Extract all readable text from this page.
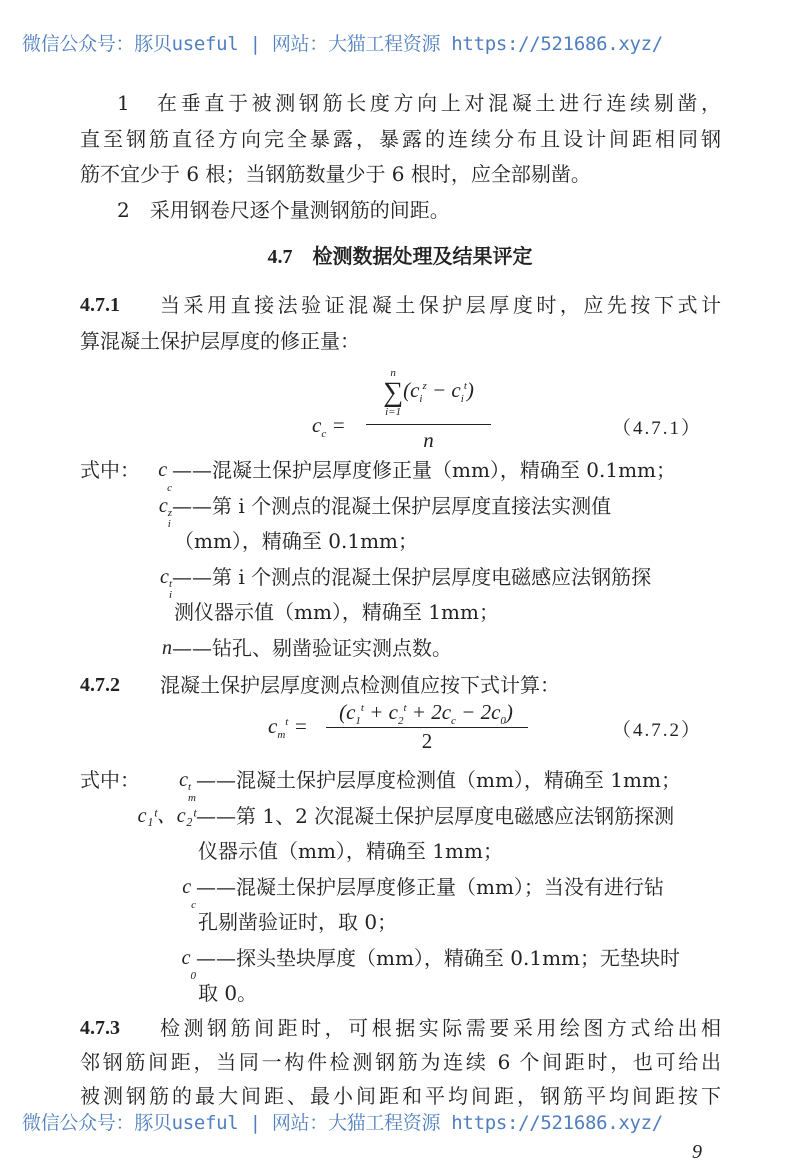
微信公众号：豚贝useful | 网站：大猫工程资源 https://521686.xyz/
1　在垂直于被测钢筋长度方向上对混凝土进行连续剔凿，
直至钢筋直径方向完全暴露，暴露的连续分布且设计间距相同钢
筋不宜少于 6 根；当钢筋数量少于 6 根时，应全部剔凿。
2　采用钢卷尺逐个量测钢筋的间距。
4.7　检测数据处理及结果评定
4.7.1	当采用直接法验证混凝土保护层厚度时，应先按下式计
算混凝土保护层厚度的修正量：
$c_c$ =
n
∑
i=1
$(c_i^z - c_i^t)$
n	（4.7.1）
式中： c

c
——混凝土保护层厚度修正量（mm），精确至 0.1mm；
c z
i
——第 i 个测点的混凝土保护层厚度直接法实测值
（mm），精确至 0.1mm；
c t
i
——第 i 个测点的混凝土保护层厚度电磁感应法钢筋探
测仪器示值（mm），精确至 1mm；
n ——钻孔、剔凿验证实测点数。
4.7.2	混凝土保护层厚度测点检测值应按下式计算：
$c_m^t$ =
$(c_1^t + c_2^t + 2c_c - 2c_0)$
2	（4.7.2）
式中： c t
m
——混凝土保护层厚度检测值（mm），精确至 1mm；
c₁ᵗ、c₂ᵗ ——第 1、2 次混凝土保护层厚度电磁感应法钢筋探测
仪器示值（mm），精确至 1mm；
c

c
——混凝土保护层厚度修正量（mm）；当没有进行钻
孔剔凿验证时，取 0；
c

0
——探头垫块厚度（mm），精确至 0.1mm；无垫块时
取 0。
4.7.3	检测钢筋间距时，可根据实际需要采用绘图方式给出相
邻钢筋间距，当同一构件检测钢筋为连续 6 个间距时，也可给出
被测钢筋的最大间距、最小间距和平均间距，钢筋平均间距按下
微信公众号：豚贝useful | 网站：大猫工程资源 https://521686.xyz/
9
